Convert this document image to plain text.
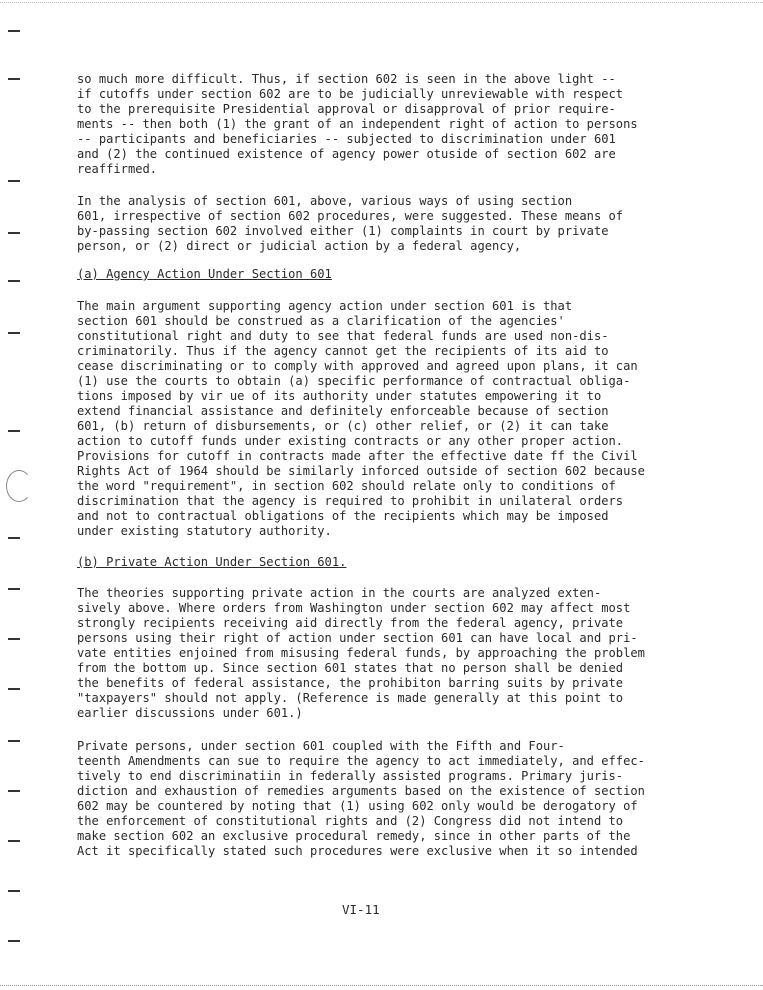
so much more difficult. Thus, if section 602 is seen in the above light --
if cutoffs under section 602 are to be judicially unreviewable with respect
to the prerequisite Presidential approval or disapproval of prior require-
ments -- then both (1) the grant of an independent right of action to persons
-- participants and beneficiaries -- subjected to discrimination under 601
and (2) the continued existence of agency power otuside of section 602 are
reaffirmed.
In the analysis of section 601, above, various ways of using section
601, irrespective of section 602 procedures, were suggested. These means of
by-passing section 602 involved either (1) complaints in court by private
person, or (2) direct or judicial action by a federal agency,
(a) Agency Action Under Section 601
The main argument supporting agency action under section 601 is that
section 601 should be construed as a clarification of the agencies'
constitutional right and duty to see that federal funds are used non-dis-
criminatorily. Thus if the agency cannot get the recipients of its aid to
cease discriminating or to comply with approved and agreed upon plans, it can
(1) use the courts to obtain (a) specific performance of contractual obliga-
tions imposed by vir ue of its authority under statutes empowering it to
extend financial assistance and definitely enforceable because of section
601, (b) return of disbursements, or (c) other relief, or (2) it can take
action to cutoff funds under existing contracts or any other proper action.
Provisions for cutoff in contracts made after the effective date ff the Civil
Rights Act of 1964 should be similarly inforced outside of section 602 because
the word "requirement", in section 602 should relate only to conditions of
discrimination that the agency is required to prohibit in unilateral orders
and not to contractual obligations of the recipients which may be imposed
under existing statutory authority.
(b) Private Action Under Section 601.
The theories supporting private action in the courts are analyzed exten-
sively above. Where orders from Washington under section 602 may affect most
strongly recipients receiving aid directly from the federal agency, private
persons using their right of action under section 601 can have local and pri-
vate entities enjoined from misusing federal funds, by approaching the problem
from the bottom up. Since section 601 states that no person shall be denied
the benefits of federal assistance, the prohibiton barring suits by private
"taxpayers" should not apply. (Reference is made generally at this point to
earlier discussions under 601.)
Private persons, under section 601 coupled with the Fifth and Four-
teenth Amendments can sue to require the agency to act immediately, and effec-
tively to end discriminatiin in federally assisted programs. Primary juris-
diction and exhaustion of remedies arguments based on the existence of section
602 may be countered by noting that (1) using 602 only would be derogatory of
the enforcement of constitutional rights and (2) Congress did not intend to
make section 602 an exclusive procedural remedy, since in other parts of the
Act it specifically stated such procedures were exclusive when it so intended
VI-11
